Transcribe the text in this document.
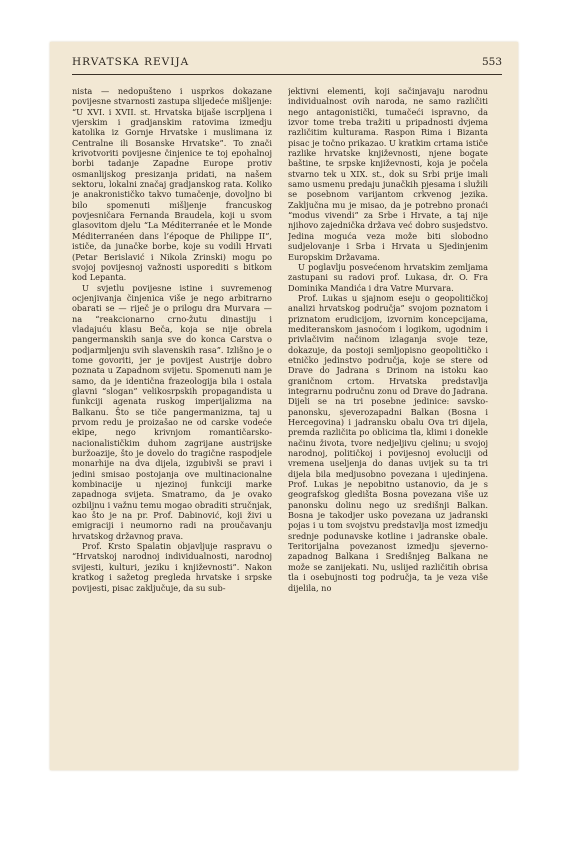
HRVATSKA REVIJA	553

nista — nedopušteno i usprkos dokazane povijesne stvarnosti zastupa slijedeće mišljenje: “U XVI. i XVII. st. Hrvatska bijaše iscrpljena i vjerskim i gradjanskim ratovima izmedju katolika iz Gornje Hrvatske i muslimana iz Centralne ili Bosanske Hrvatske”. To znači krivotvoriti povijesne činjenice te toj epohalnoj borbi tadanje Zapadne Europe protiv osmanlijskog presizanja pridati, na našem sektoru, lokalni značaj gradjanskog rata. Koliko je anakronističko takvo tumačenje, dovoljno bi bilo spomenuti mišljenje francuskog povjesničara Fernanda Braudela, koji u svom glasovitom djelu “La Méditerranée et le Monde Méditerranéen dans l’époque de Philippe II”, ističe, da junačke borbe, koje su vodili Hrvati (Petar Berislavić i Nikola Zrinski) mogu po svojoj povijesnoj važnosti usporediti s bitkom kod Lepanta.

U svjetlu povijesne istine i suvremenog ocjenjivanja činjenica više je nego arbitrarno obarati se — riječ je o prilogu dra Murvara — na “reakcionarno crno-žutu dinastiju i vladajuću klasu Beča, koja se nije obrela pangermanskih sanja sve do konca Carstva o podjarmljenju svih slavenskih rasa”. Izlišno je o tome govoriti, jer je povijest Austrije dobro poznata u Zapadnom svijetu. Spomenuti nam je samo, da je identična frazeologija bila i ostala glavni “slogan” velikosrpskih propagandista u funkciji agenata ruskog imperijalizma na Balkanu. Što se tiče pangermanizma, taj u prvom redu je proizašao ne od carske vodeće ekipe, nego krivnjom romantičarsko-nacionalističkim duhom zagrijane austrijske buržoazije, što je dovelo do tragične raspodjele monarhije na dva dijela, izgubivši se pravi i jedini smisao postojanja ove multinacionalne kombinacije u njezinoj funkciji marke zapadnoga svijeta. Smatramo, da je ovako ozbiljnu i važnu temu mogao obraditi stručnjak, kao što je na pr. Prof. Dabinović, koji živi u emigraciji i neumorno radi na proučavanju hrvatskog državnog prava.

Prof. Krsto Spalatin objavljuje raspravu o “Hrvatskoj narodnoj individualnosti, narodnoj svijesti, kulturi, jeziku i književnosti”. Nakon kratkog i sažetog pregleda hrvatske i srpske povijesti, pisac zaključuje, da su sub-

jektivni elementi, koji sačinjavaju narodnu individualnost ovih naroda, ne samo različiti nego antagonistički, tumačeći ispravno, da izvor tome treba tražiti u pripadnosti dvjema različitim kulturama. Raspon Rima i Bizanta pisac je točno prikazao. U kratkim crtama ističe razlike hrvatske književnosti, njene bogate baštine, te srpske književnosti, koja je počela stvarno tek u XIX. st., dok su Srbi prije imali samo usmenu predaju junačkih pjesama i služili se posebnom varijantom crkvenog jezika. Zaključna mu je misao, da je potrebno pronaći “modus vivendi” za Srbe i Hrvate, a taj nije njihovo zajednička država već dobro susjedstvo. Jedina moguća veza može biti slobodno sudjelovanje i Srba i Hrvata u Sjedinjenim Europskim Državama.

U poglavlju posvećenom hrvatskim zemljama zastupani su radovi prof. Lukasa, dr. O. Fra Dominika Mandića i dra Vatre Murvara.

Prof. Lukas u sjajnom eseju o geopolitičkoj analizi hrvatskog područja” svojom poznatom i priznatom erudicijom, izvornim koncepcijama, mediteranskom jasnoćom i logikom, ugodnim i privlačivim načinom izlaganja svoje teze, dokazuje, da postoji semljopisno geopolitičko i etničko jedinstvo područja, koje se stere od Drave do Jadrana s Drinom na istoku kao graničnom crtom. Hrvatska predstavlja integrarnu područnu zonu od Drave do Jadrana. Dijeli se na tri posebne jedinice: savsko-panonsku, sjeverozapadni Balkan (Bosna i Hercegovina) i jadransku obalu Ova tri dijela, premda različita po oblicima tla, klimi i donekle načinu života, tvore nedjeljivu cjelinu; u svojoj narodnoj, političkoj i povijesnoj evoluciji od vremena useljenja do danas uvijek su ta tri dijela bila medjusobno povezana i ujedinjena. Prof. Lukas je nepobitno ustanovio, da je s geografskog gledišta Bosna povezana više uz panonsku dolinu nego uz središnji Balkan. Bosna je takodjer usko povezana uz jadranski pojas i u tom svojstvu predstavlja most izmedju srednje podunavske kotline i jadranske obale. Teritorijalna povezanost izmedju sjeverno-zapadnog Balkana i Središnjeg Balkana ne može se zanijekati. Nu, usliјed različitih obrisa tla i osebujnosti tog područja, ta je veza više dijelila, no
